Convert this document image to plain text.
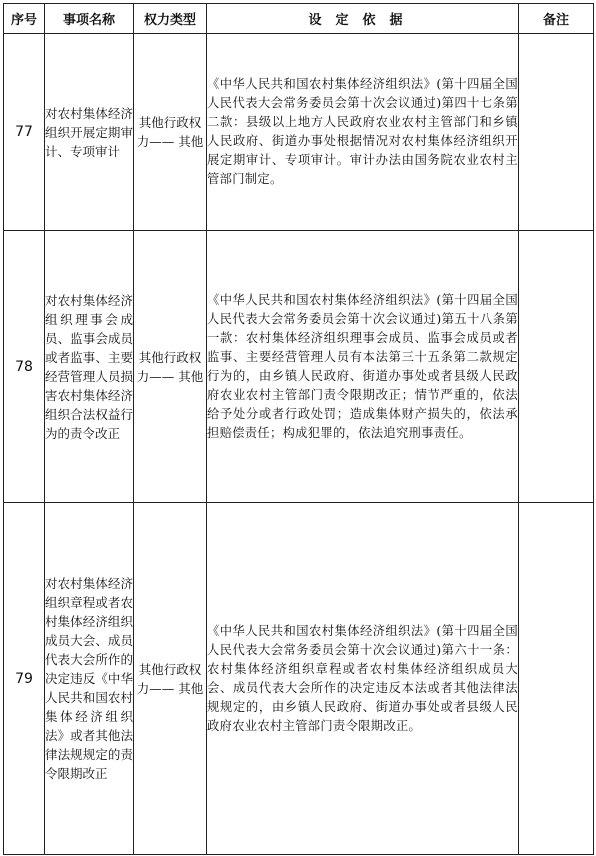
序号	事项名称	权力类型	设定依据	备注
77	对农村集体经济组织开展定期审计、专项审计	其他行政权力—— 其他	《中华人民共和国农村集体经济组织法》(第十四届全国人民代表大会常务委员会第十次会议通过)第四十七条第二款：县级以上地方人民政府农业农村主管部门和乡镇人民政府、街道办事处根据情况对农村集体经济组织开展定期审计、专项审计。审计办法由国务院农业农村主管部门制定。	
78	对农村集体经济组织理事会成员、监事会成员或者监事、主要经营管理人员损害农村集体经济组织合法权益行为的责令改正	其他行政权力—— 其他	《中华人民共和国农村集体经济组织法》(第十四届全国人民代表大会常务委员会第十次会议通过)第五十八条第一款：农村集体经济组织理事会成员、监事会成员或者监事、主要经营管理人员有本法第三十五条第二款规定行为的，由乡镇人民政府、街道办事处或者县级人民政府农业农村主管部门责令限期改正；情节严重的，依法给予处分或者行政处罚；造成集体财产损失的，依法承担赔偿责任；构成犯罪的，依法追究刑事责任。	
79	对农村集体经济组织章程或者农村集体经济组织成员大会、成员代表大会所作的决定违反《中华人民共和国农村集体经济组织法》或者其他法律法规规定的责令限期改正	其他行政权力—— 其他	《中华人民共和国农村集体经济组织法》(第十四届全国人民代表大会常务委员会第十次会议通过)第六十一条：农村集体经济组织章程或者农村集体经济组织成员大会、成员代表大会所作的决定违反本法或者其他法律法规规定的，由乡镇人民政府、街道办事处或者县级人民政府农业农村主管部门责令限期改正。	
